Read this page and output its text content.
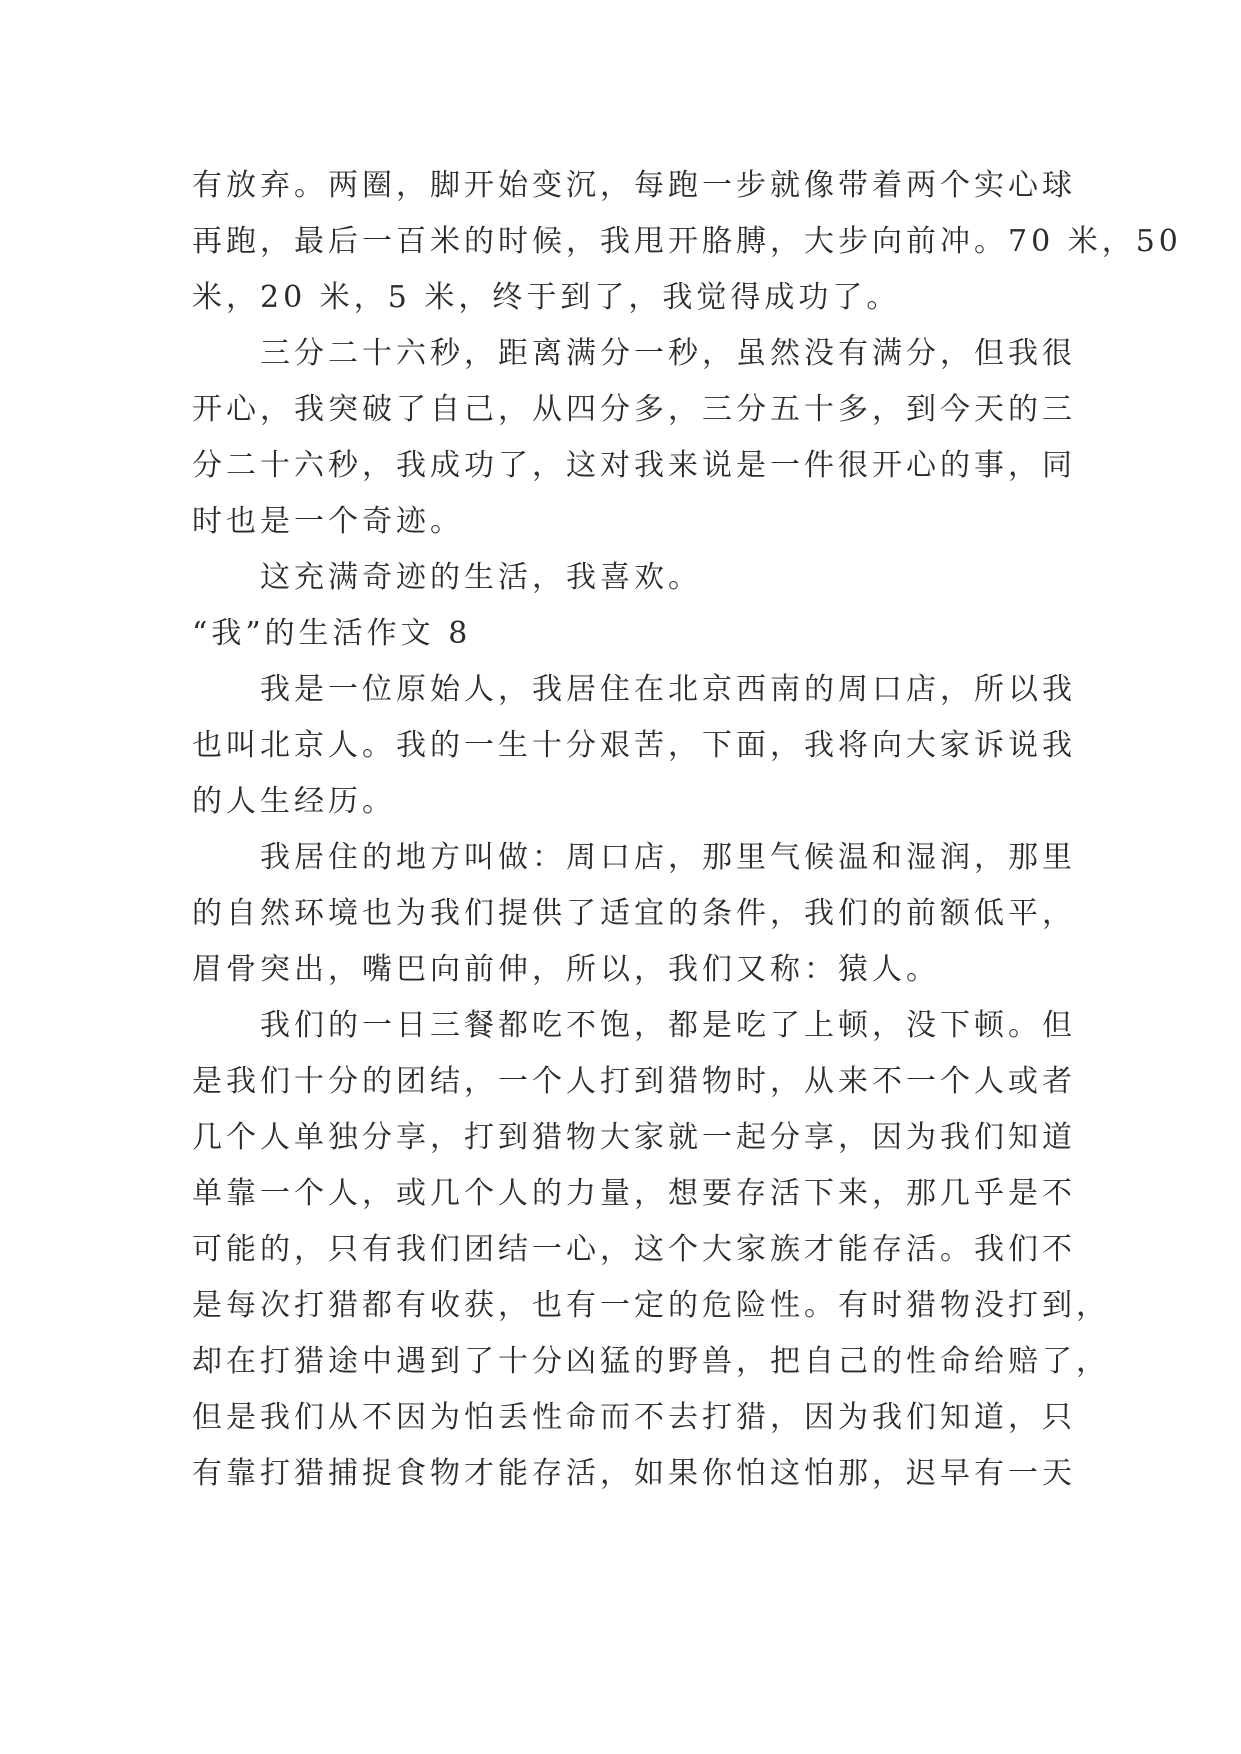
有放弃。两圈，脚开始变沉，每跑一步就像带着两个实心球
再跑，最后一百米的时候，我甩开胳膊，大步向前冲。70 米，50
米，20 米，5 米，终于到了，我觉得成功了。
三分二十六秒，距离满分一秒，虽然没有满分，但我很
开心，我突破了自己，从四分多，三分五十多，到今天的三
分二十六秒，我成功了，这对我来说是一件很开心的事，同
时也是一个奇迹。
这充满奇迹的生活，我喜欢。
“我”的生活作文 8
我是一位原始人，我居住在北京西南的周口店，所以我
也叫北京人。我的一生十分艰苦，下面，我将向大家诉说我
的人生经历。
我居住的地方叫做：周口店，那里气候温和湿润，那里
的自然环境也为我们提供了适宜的条件，我们的前额低平，
眉骨突出，嘴巴向前伸，所以，我们又称：猿人。
我们的一日三餐都吃不饱，都是吃了上顿，没下顿。但
是我们十分的团结，一个人打到猎物时，从来不一个人或者
几个人单独分享，打到猎物大家就一起分享，因为我们知道
单靠一个人，或几个人的力量，想要存活下来，那几乎是不
可能的，只有我们团结一心，这个大家族才能存活。我们不
是每次打猎都有收获，也有一定的危险性。有时猎物没打到，
却在打猎途中遇到了十分凶猛的野兽，把自己的性命给赔了，
但是我们从不因为怕丢性命而不去打猎，因为我们知道，只
有靠打猎捕捉食物才能存活，如果你怕这怕那，迟早有一天
